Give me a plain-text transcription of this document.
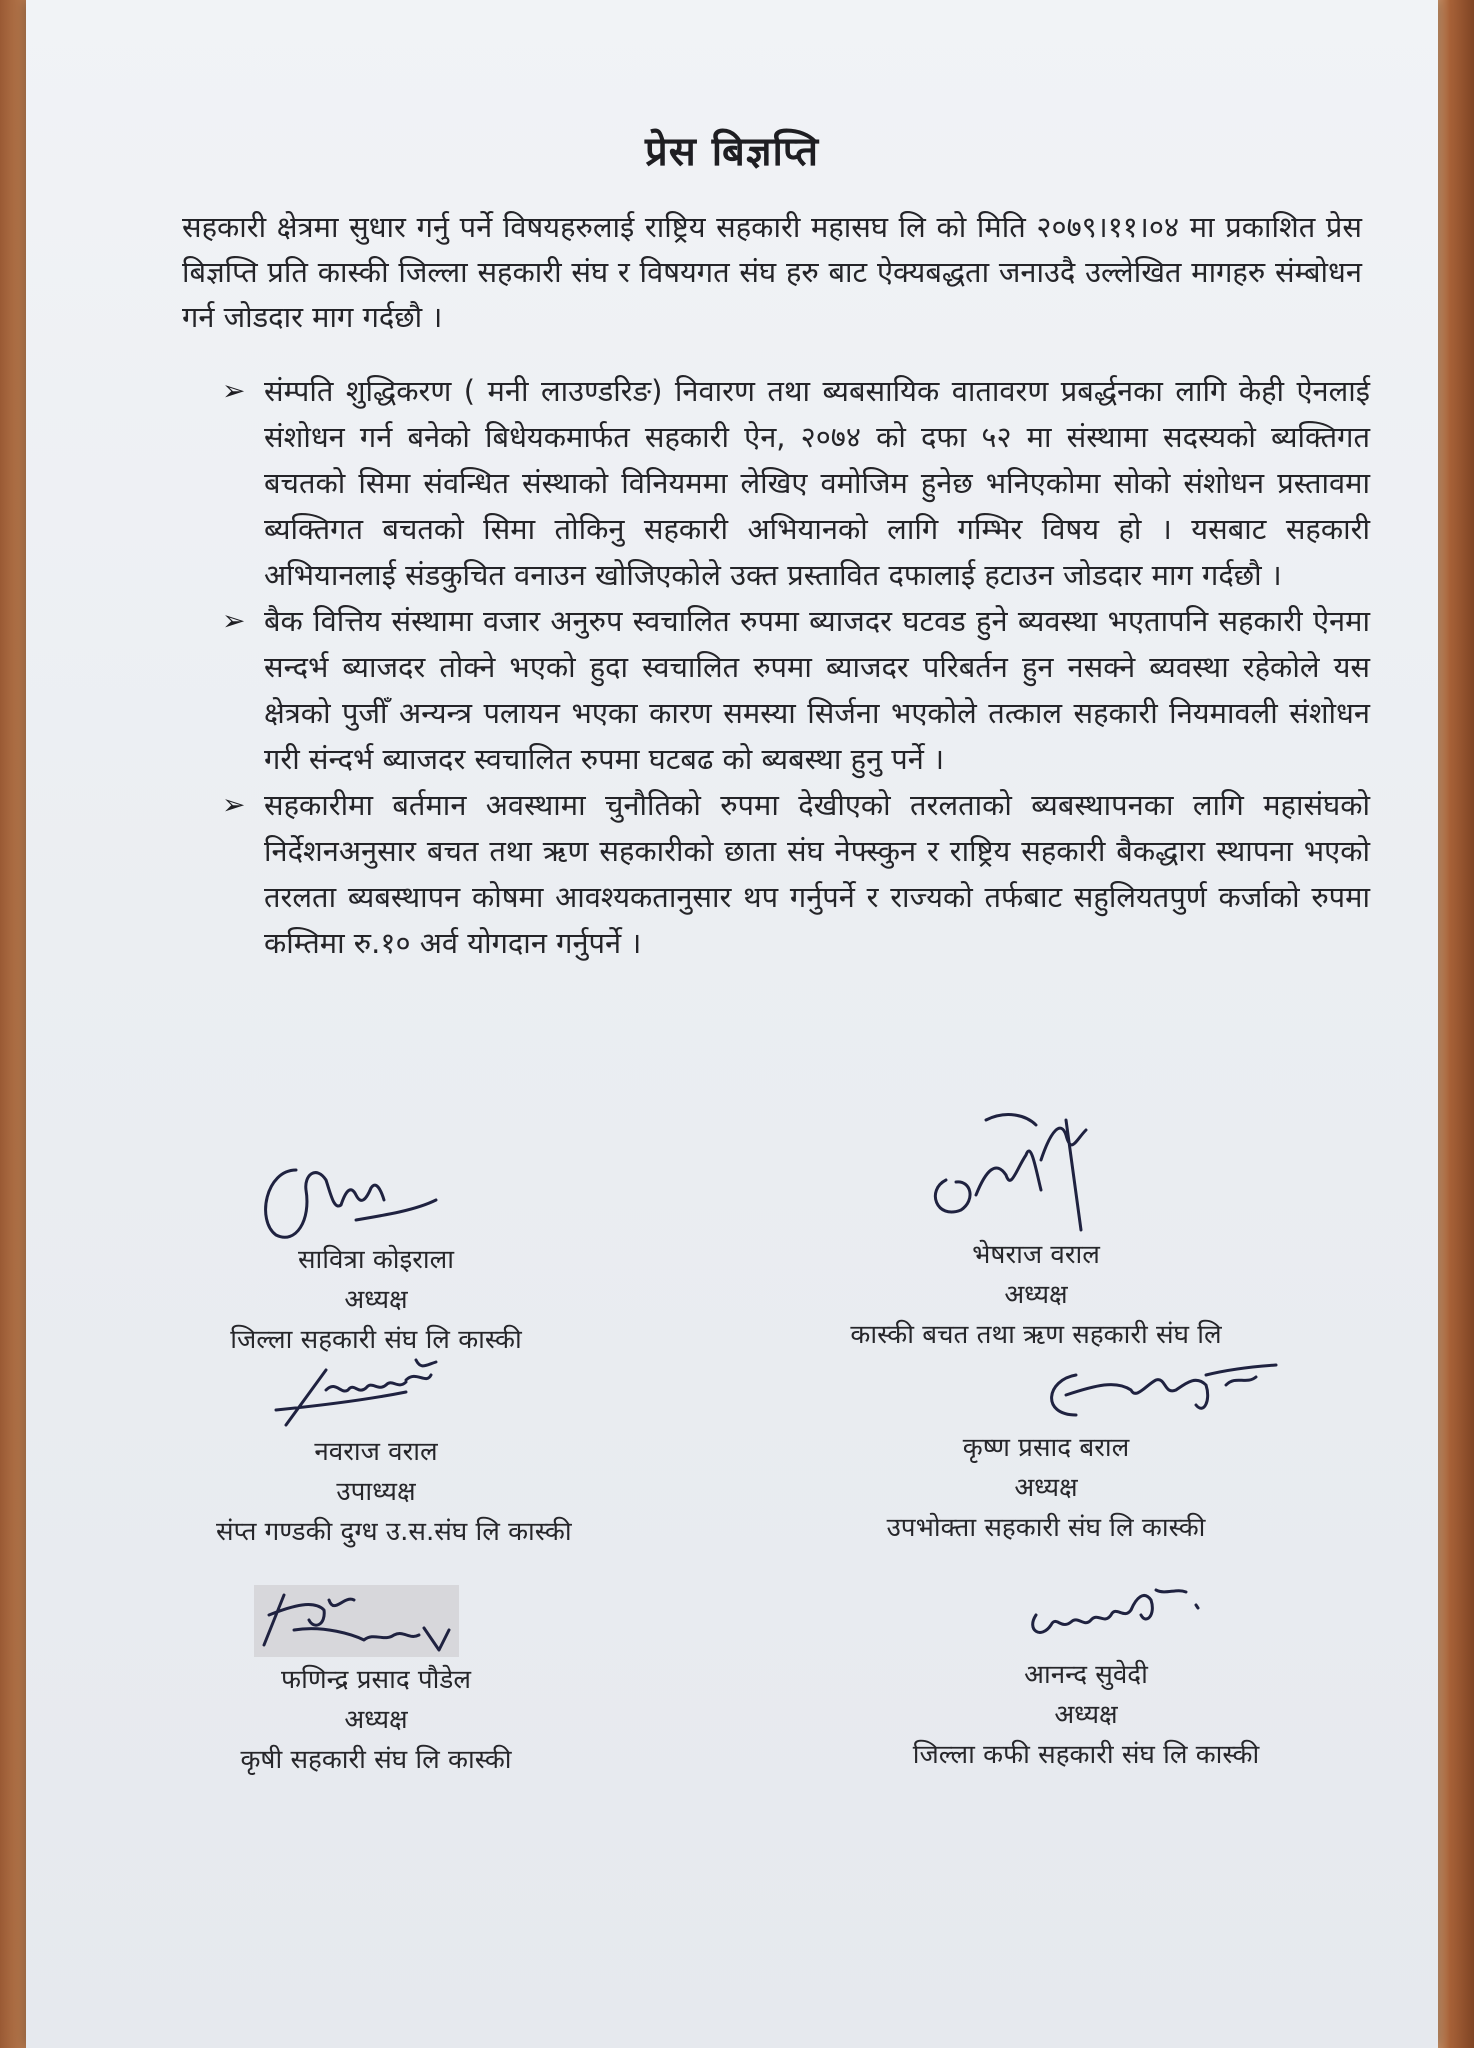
प्रेस बिज्ञप्ति

सहकारी क्षेत्रमा सुधार गर्नु पर्ने विषयहरुलाई राष्ट्रिय सहकारी महासघ लि को मिति २०७९।११।०४ मा प्रकाशित प्रेस बिज्ञप्ति प्रति कास्की जिल्ला सहकारी संघ र विषयगत संघ हरु बाट ऐक्यबद्धता जनाउदै उल्लेखित मागहरु संम्बोधन गर्न जोडदार माग गर्दछौ ।

➢ संम्पति शुद्धिकरण ( मनी लाउण्डरिङ) निवारण तथा ब्यबसायिक वातावरण प्रबर्द्धनका लागि केही ऐनलाई संशोधन गर्न बनेको बिधेयकमार्फत सहकारी ऐन, २०७४ को दफा ५२ मा संस्थामा सदस्यको ब्यक्तिगत बचतको सिमा संवन्धित संस्थाको विनियममा लेखिए वमोजिम हुनेछ भनिएकोमा सोको संशोधन प्रस्तावमा ब्यक्तिगत बचतको सिमा तोकिनु सहकारी अभियानको लागि गम्भिर विषय हो । यसबाट सहकारी अभियानलाई संडकुचित वनाउन खोजिएकोले उक्त प्रस्तावित दफालाई हटाउन जोडदार माग गर्दछौ ।
➢ बैक वित्तिय संस्थामा वजार अनुरुप स्वचालित रुपमा ब्याजदर घटवड हुने ब्यवस्था भएतापनि सहकारी ऐनमा सन्दर्भ ब्याजदर तोक्ने भएको हुदा स्वचालित रुपमा ब्याजदर परिबर्तन हुन नसक्ने ब्यवस्था रहेकोले यस क्षेत्रको पुजीँ अन्यन्त्र पलायन भएका कारण समस्या सिर्जना भएकोले तत्काल सहकारी नियमावली संशोधन गरी संन्दर्भ ब्याजदर स्वचालित रुपमा घटबढ को ब्यबस्था हुनु पर्ने ।
➢ सहकारीमा बर्तमान अवस्थामा चुनौतिको रुपमा देखीएको तरलताको ब्यबस्थापनका लागि महासंघको निर्देशनअनुसार बचत तथा ऋण सहकारीको छाता संघ नेफ्स्कुन र राष्ट्रिय सहकारी बैकद्धारा स्थापना भएको तरलता ब्यबस्थापन कोषमा आवश्यकतानुसार थप गर्नुपर्ने र राज्यको तर्फबाट सहुलियतपुर्ण कर्जाको रुपमा कम्तिमा रु.१० अर्व योगदान गर्नुपर्ने ।
सावित्रा कोइराला
अध्यक्ष
जिल्ला सहकारी संघ लि कास्की
भेषराज वराल
अध्यक्ष
कास्की बचत तथा ऋण सहकारी संघ लि
नवराज वराल
उपाध्यक्ष
संप्त गण्डकी दुग्ध उ.स.संघ लि कास्की
कृष्ण प्रसाद बराल
अध्यक्ष
उपभोक्ता सहकारी संघ लि कास्की
फणिन्द्र प्रसाद पौडेल
अध्यक्ष
कृषी सहकारी संघ लि कास्की
आनन्द सुवेदी
अध्यक्ष
जिल्ला कफी सहकारी संघ लि कास्की
